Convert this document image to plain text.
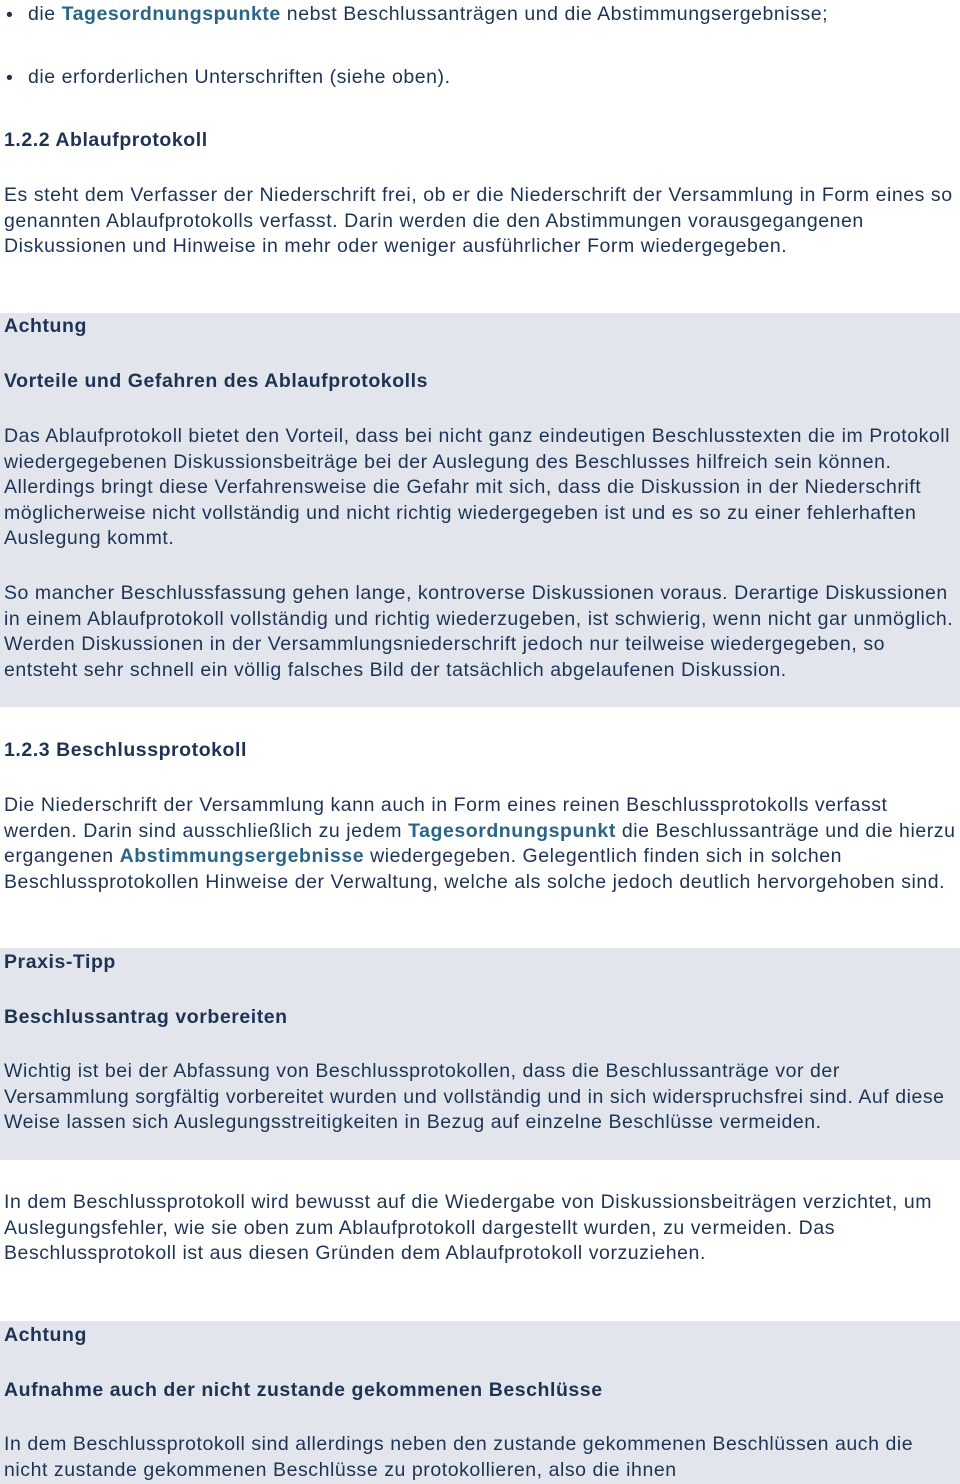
• die Tagesordnungspunkte nebst Beschlussanträgen und die Abstimmungsergebnisse;

• die erforderlichen Unterschriften (siehe oben).

1.2.2 Ablaufprotokoll

Es steht dem Verfasser der Niederschrift frei, ob er die Niederschrift der Versammlung in Form eines so genannten Ablaufprotokolls verfasst. Darin werden die den Abstimmungen vorausgegangenen Diskussionen und Hinweise in mehr oder weniger ausführlicher Form wiedergegeben.

Achtung

Vorteile und Gefahren des Ablaufprotokolls

Das Ablaufprotokoll bietet den Vorteil, dass bei nicht ganz eindeutigen Beschlusstexten die im Protokoll wiedergegebenen Diskussionsbeiträge bei der Auslegung des Beschlusses hilfreich sein können. Allerdings bringt diese Verfahrensweise die Gefahr mit sich, dass die Diskussion in der Niederschrift möglicherweise nicht vollständig und nicht richtig wiedergegeben ist und es so zu einer fehlerhaften Auslegung kommt.

So mancher Beschlussfassung gehen lange, kontroverse Diskussionen voraus. Derartige Diskussionen in einem Ablaufprotokoll vollständig und richtig wiederzugeben, ist schwierig, wenn nicht gar unmöglich. Werden Diskussionen in der Versammlungsniederschrift jedoch nur teilweise wiedergegeben, so entsteht sehr schnell ein völlig falsches Bild der tatsächlich abgelaufenen Diskussion.

1.2.3 Beschlussprotokoll

Die Niederschrift der Versammlung kann auch in Form eines reinen Beschlussprotokolls verfasst werden. Darin sind ausschließlich zu jedem Tagesordnungspunkt die Beschlussanträge und die hierzu ergangenen Abstimmungsergebnisse wiedergegeben. Gelegentlich finden sich in solchen Beschlussprotokollen Hinweise der Verwaltung, welche als solche jedoch deutlich hervorgehoben sind.

Praxis-Tipp

Beschlussantrag vorbereiten

Wichtig ist bei der Abfassung von Beschlussprotokollen, dass die Beschlussanträge vor der Versammlung sorgfältig vorbereitet wurden und vollständig und in sich widerspruchsfrei sind. Auf diese Weise lassen sich Auslegungsstreitigkeiten in Bezug auf einzelne Beschlüsse vermeiden.

In dem Beschlussprotokoll wird bewusst auf die Wiedergabe von Diskussionsbeiträgen verzichtet, um Auslegungsfehler, wie sie oben zum Ablaufprotokoll dargestellt wurden, zu vermeiden. Das Beschlussprotokoll ist aus diesen Gründen dem Ablaufprotokoll vorzuziehen.

Achtung

Aufnahme auch der nicht zustande gekommenen Beschlüsse

In dem Beschlussprotokoll sind allerdings neben den zustande gekommenen Beschlüssen auch die nicht zustande gekommenen Beschlüsse zu protokollieren, also die ihnen
